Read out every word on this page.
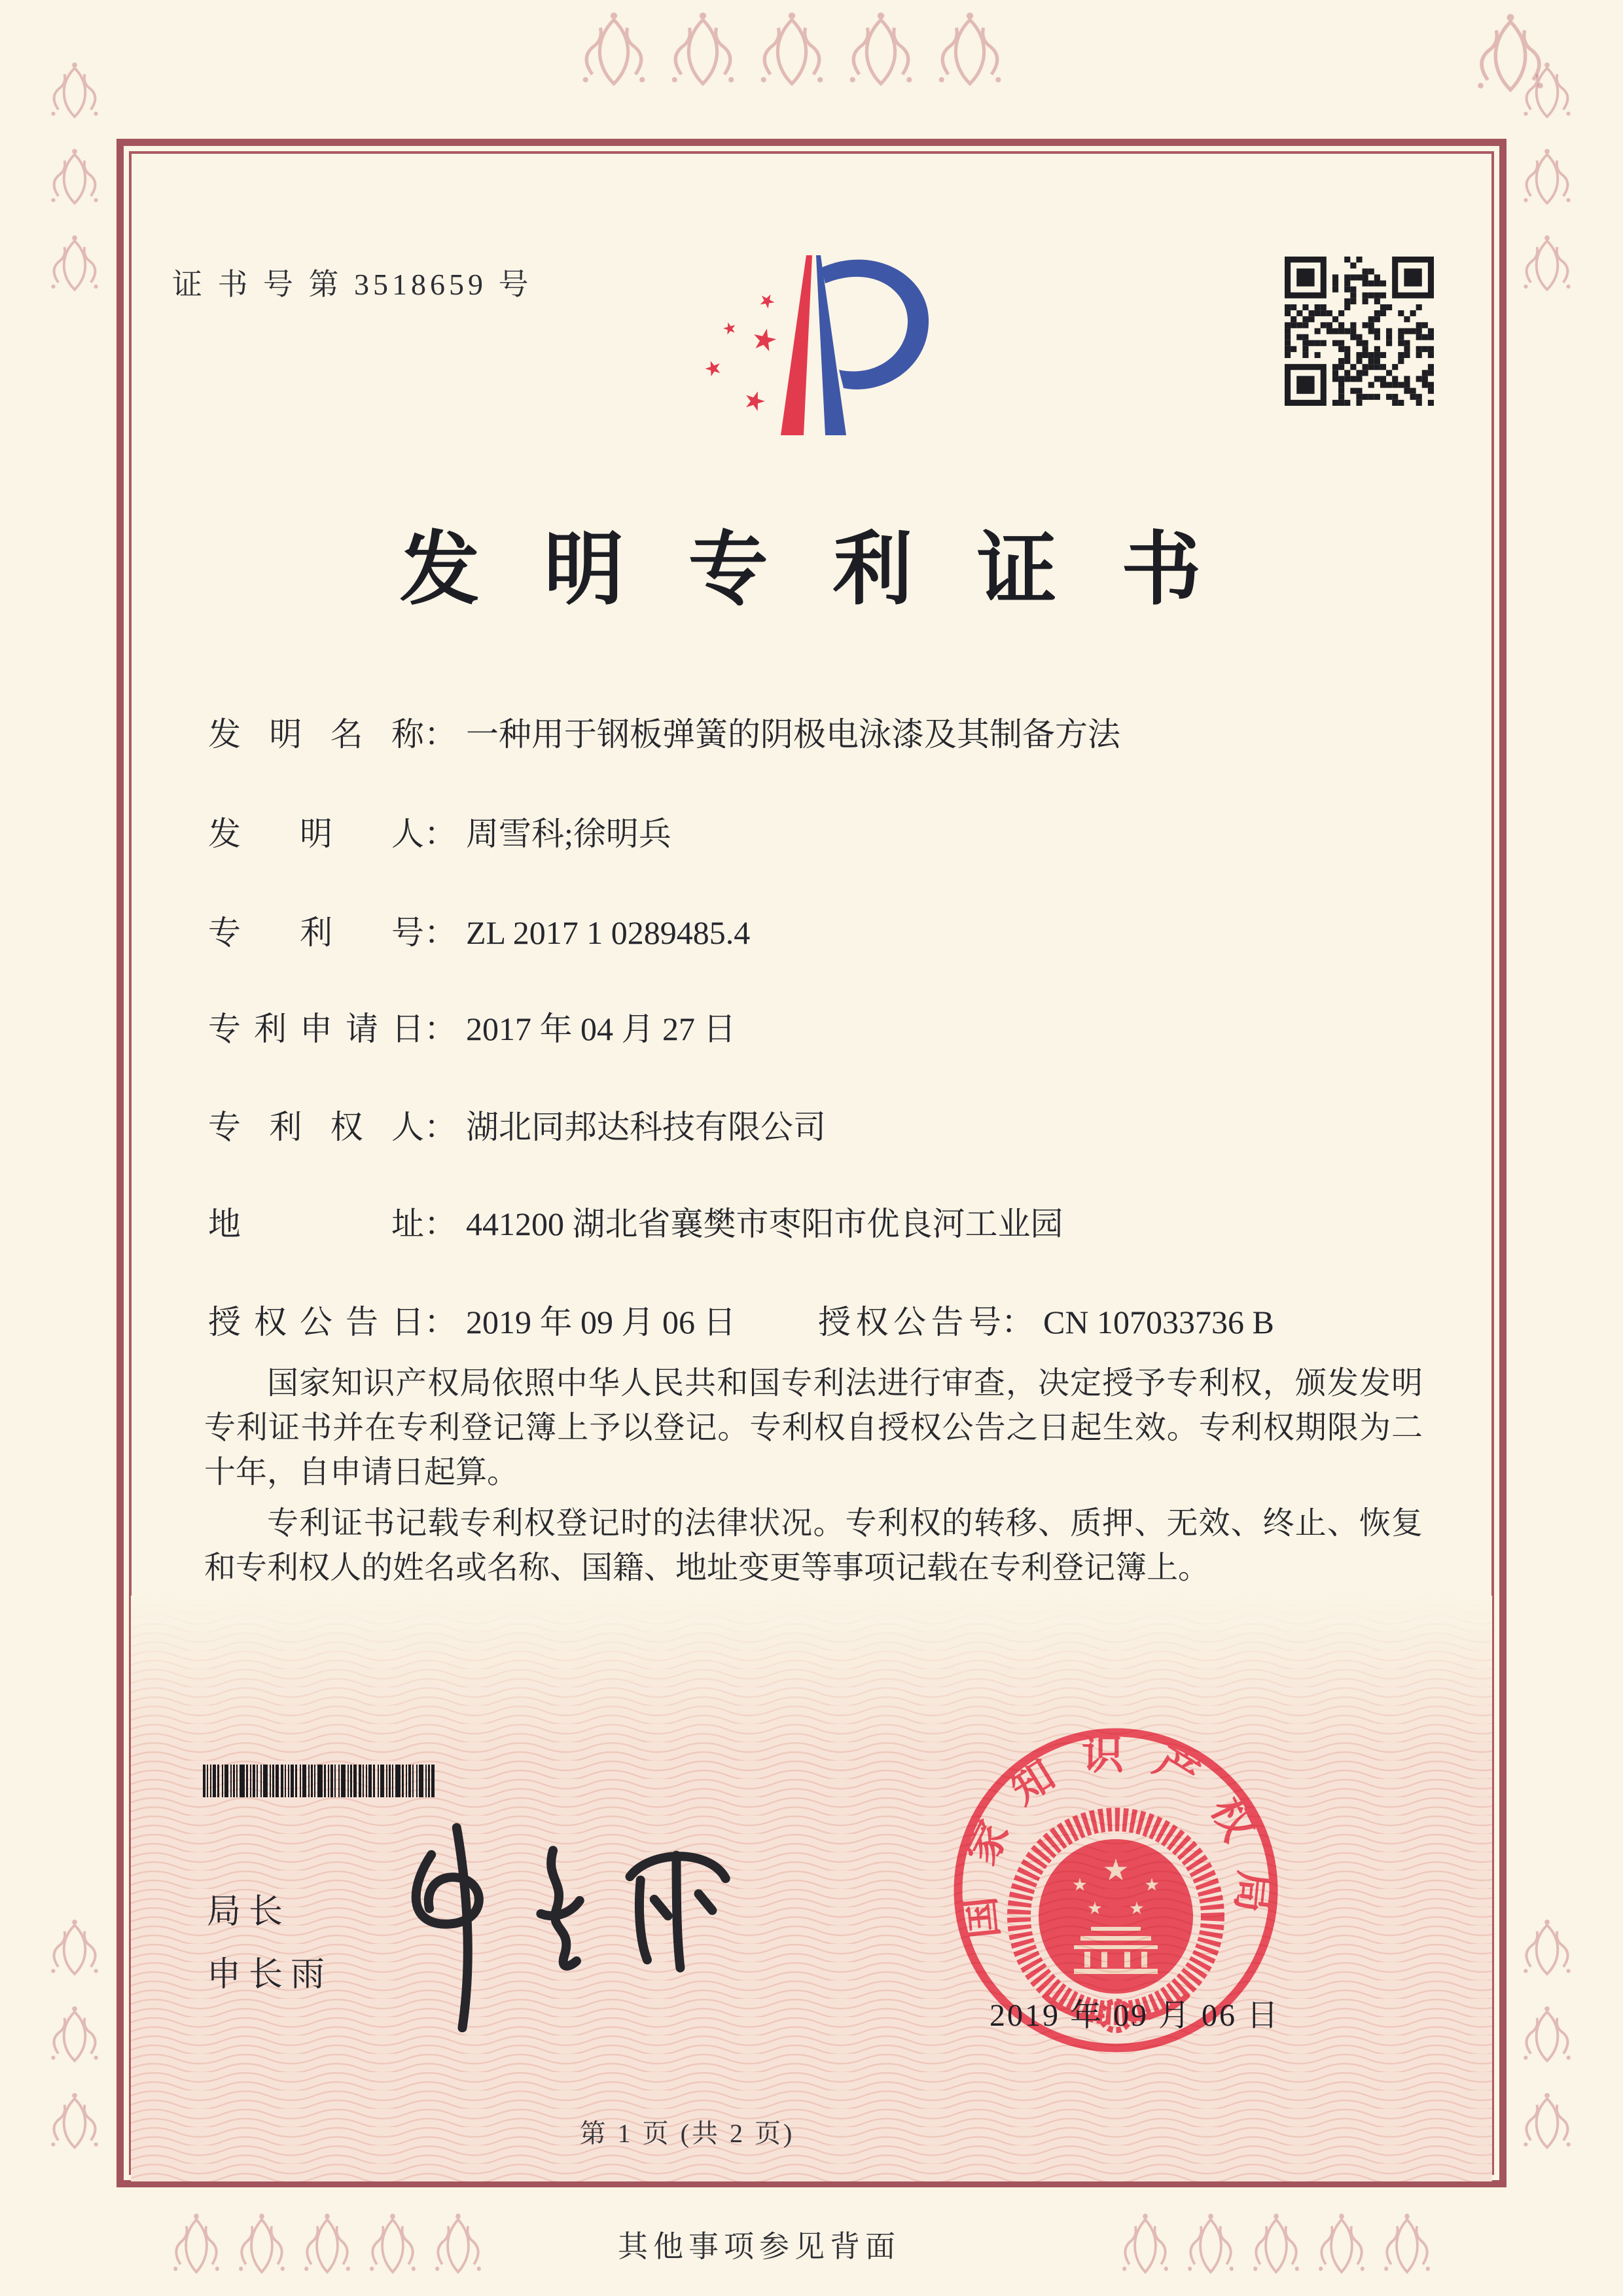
证 书 号 第 3518659 号
发 明 专 利 证 书
发明名称： 一种用于钢板弹簧的阴极电泳漆及其制备方法
发明人： 周雪科;徐明兵
专利号： ZL 2017 1 0289485.4
专利申请日： 2017 年 04 月 27 日
专利权人： 湖北同邦达科技有限公司
地址： 441200 湖北省襄樊市枣阳市优良河工业园
授权公告日： 2019 年 09 月 06 日	授权公告号： CN 107033736 B

国家知识产权局依照中华人民共和国专利法进行审查，决定授予专利权，颁发发明专利证书并在专利登记簿上予以登记。专利权自授权公告之日起生效。专利权期限为二十年，自申请日起算。

专利证书记载专利权登记时的法律状况。专利权的转移、质押、无效、终止、恢复和专利权人的姓名或名称、国籍、地址变更等事项记载在专利登记簿上。

局长
申长雨
国家知识产权局
2019 年 09 月 06 日
第 1 页 (共 2 页)
其他事项参见背面
